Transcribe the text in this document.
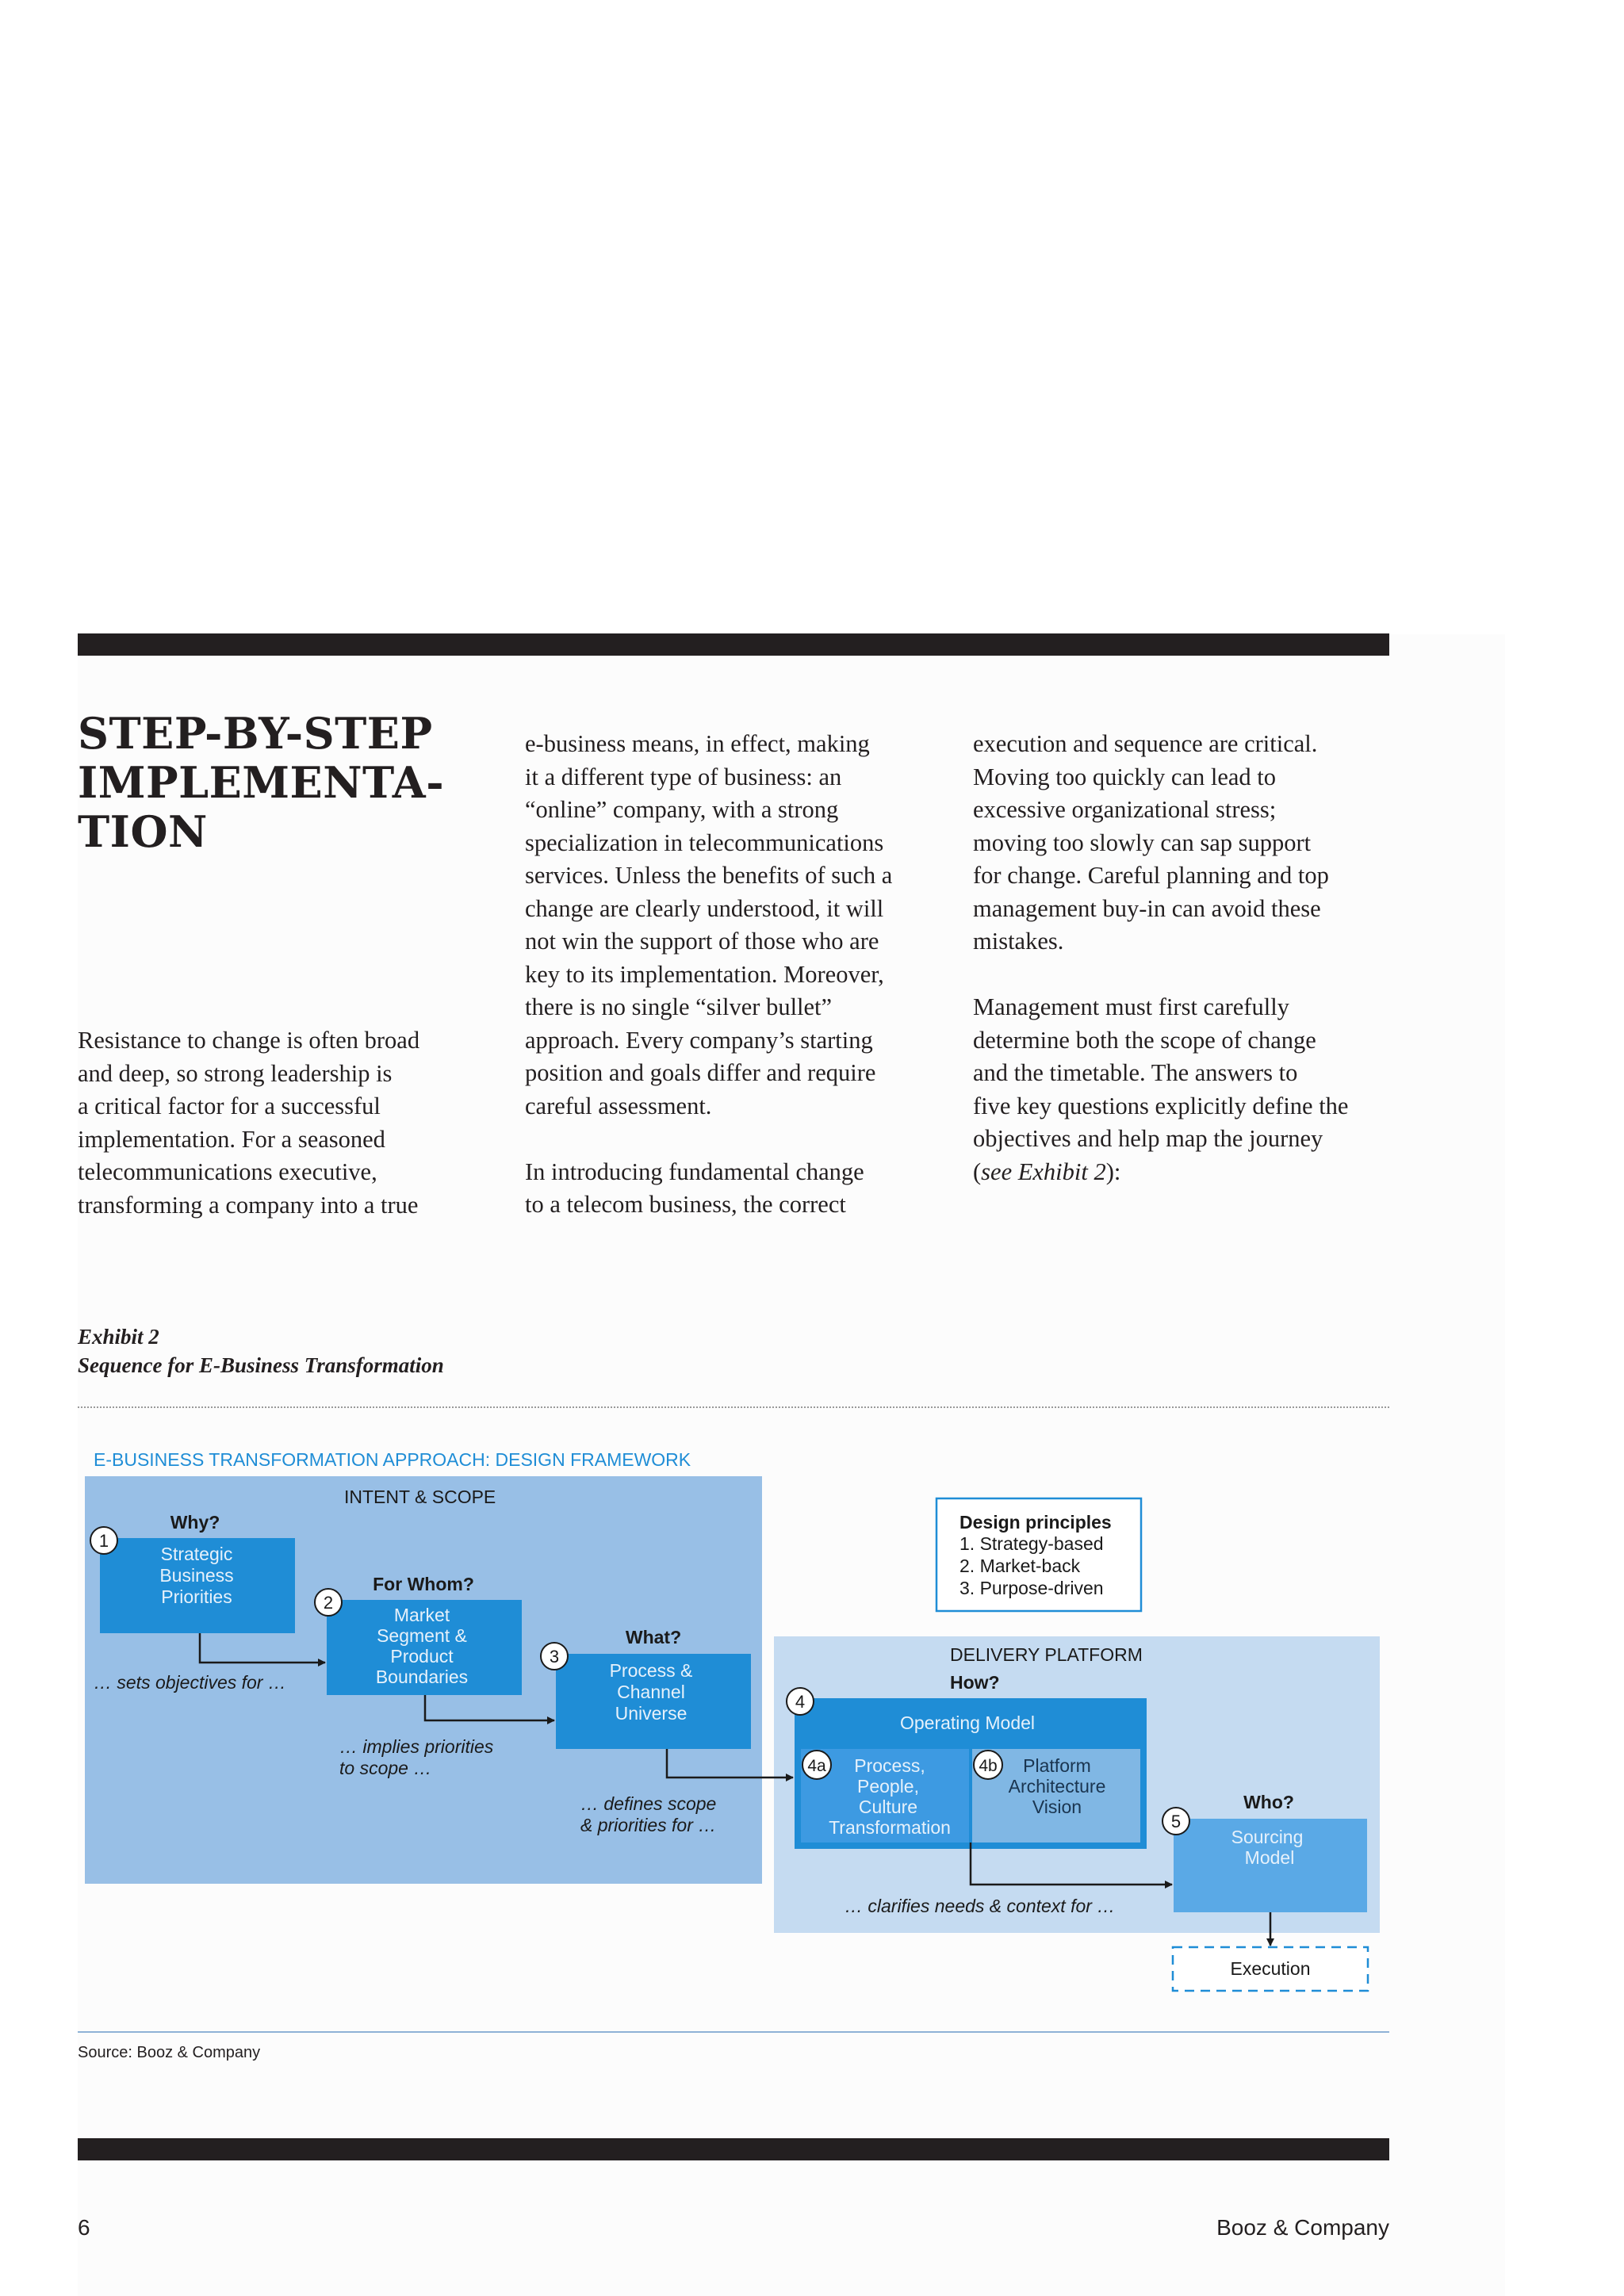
STEP-BY-STEP
IMPLEMENTA-
TION

Resistance to change is often broad

and deep, so strong leadership is

a critical factor for a successful

implementation. For a seasoned

telecommunications executive,

transforming a company into a true

e-business means, in effect, making

it a different type of business: an

“online” company, with a strong

specialization in telecommunications

services. Unless the benefits of such a

change are clearly understood, it will

not win the support of those who are

key to its implementation. Moreover,

there is no single “silver bullet”

approach. Every company’s starting

position and goals differ and require

careful assessment.

In introducing fundamental change

to a telecom business, the correct

execution and sequence are critical.

Moving too quickly can lead to

excessive organizational stress;

moving too slowly can sap support

for change. Careful planning and top

management buy-in can avoid these

mistakes.

Management must first carefully

determine both the scope of change

and the timetable. The answers to

five key questions explicitly define the

objectives and help map the journey

(see Exhibit 2):

Exhibit 2
Sequence for E-Business Transformation
E-BUSINESS TRANSFORMATION APPROACH: DESIGN FRAMEWORK
INTENT & SCOPE
DELIVERY PLATFORM
Design principles
1. Strategy-based
2. Market-back
3. Purpose-driven
Why?
Strategic
Business
Priorities
1
For Whom?
Market
Segment &
Product
Boundaries
2
What?
Process &
Channel
Universe
3
How?
Operating Model
Process,
People,
Culture
Transformation
Platform
Architecture
Vision
4
4a	4b
Who?
Sourcing
Model
5
Execution
… sets objectives for …
… implies priorities
to scope …
… defines scope
& priorities for …
… clarifies needs & context for …
Source: Booz & Company
6	Booz & Company
